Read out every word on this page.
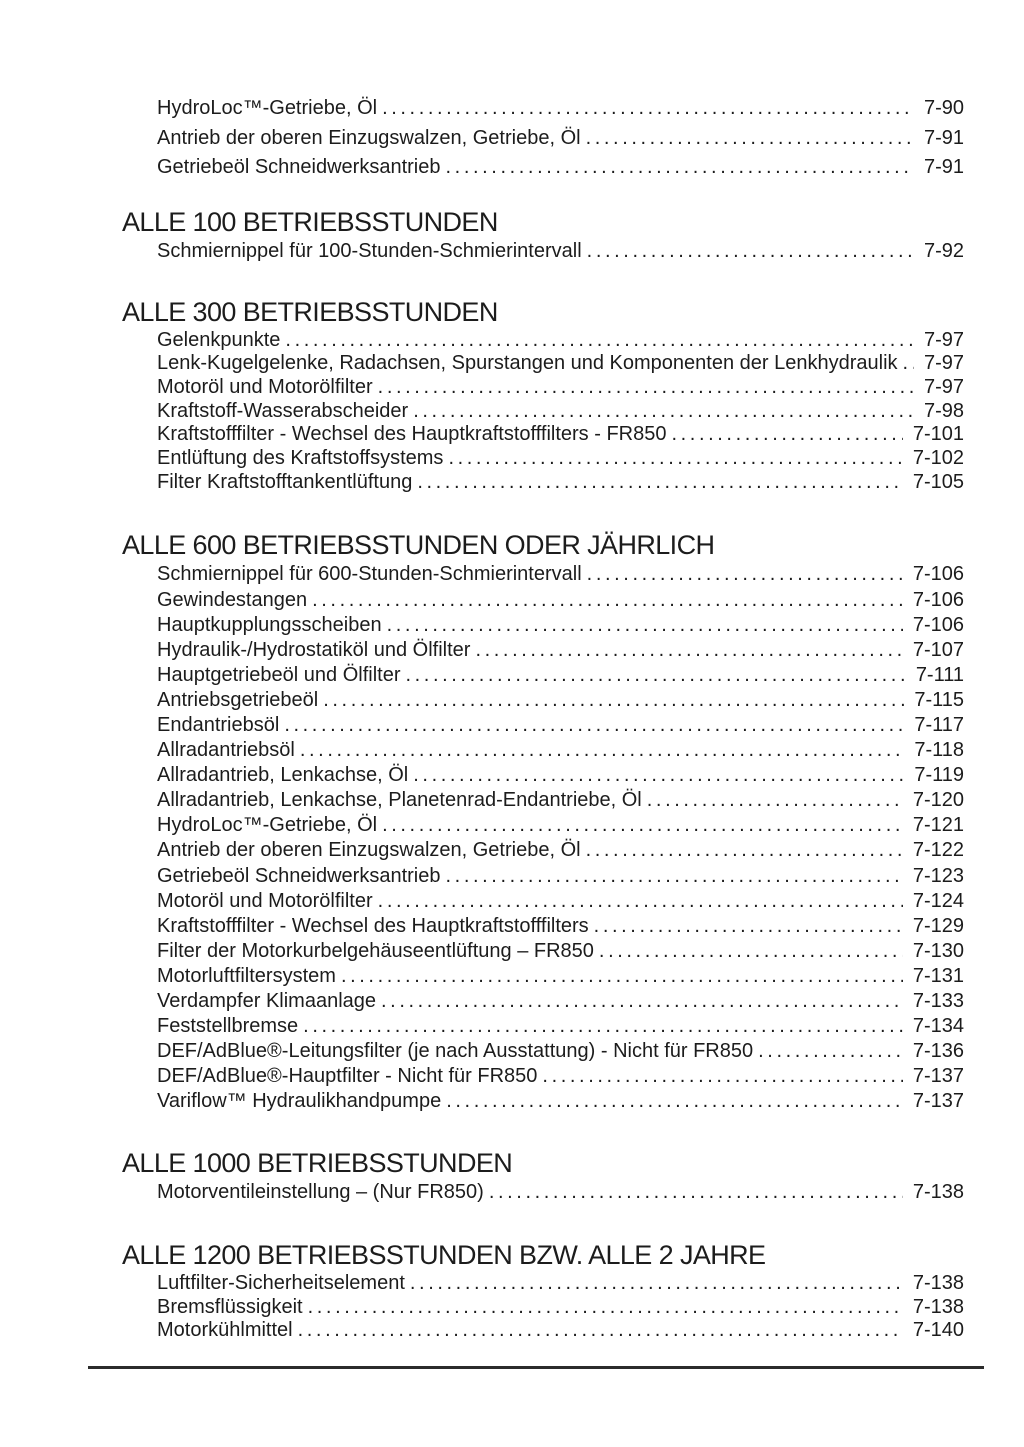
HydroLoc™-Getriebe, Öl .....	7-90
Antrieb der oberen Einzugswalzen, Getriebe, Öl .....	7-91
Getriebeöl Schneidwerksantrieb .....	7-91
ALLE 100 BETRIEBSSTUNDEN
Schmiernippel für 100-Stunden-Schmierintervall .....	7-92
ALLE 300 BETRIEBSSTUNDEN
Gelenkpunkte .....	7-97
Lenk-Kugelgelenke, Radachsen, Spurstangen und Komponenten der Lenkhydraulik ..... 7-97
Motoröl und Motorölfilter .....	7-97
Kraftstoff-Wasserabscheider .....	7-98
Kraftstofffilter - Wechsel des Hauptkraftstofffilters - FR850 .....	7-101
Entlüftung des Kraftstoffsystems .....	7-102
Filter Kraftstofftankentlüftung .....	7-105
ALLE 600 BETRIEBSSTUNDEN ODER JÄHRLICH
Schmiernippel für 600-Stunden-Schmierintervall .....	7-106
Gewindestangen .....	7-106
Hauptkupplungsscheiben .....	7-106
Hydraulik-/Hydrostatiköl und Ölfilter .....	7-107
Hauptgetriebeöl und Ölfilter .....	7-111
Antriebsgetriebeöl .....	7-115
Endantriebsöl .....	7-117
Allradantriebsöl .....	7-118
Allradantrieb, Lenkachse, Öl .....	7-119
Allradantrieb, Lenkachse, Planetenrad-Endantriebe, Öl .....	7-120
HydroLoc™-Getriebe, Öl .....	7-121
Antrieb der oberen Einzugswalzen, Getriebe, Öl .....	7-122
Getriebeöl Schneidwerksantrieb .....	7-123
Motoröl und Motorölfilter .....	7-124
Kraftstofffilter - Wechsel des Hauptkraftstofffilters .....	7-129
Filter der Motorkurbelgehäuseentlüftung – FR850 .....	7-130
Motorluftfiltersystem .....	7-131
Verdampfer Klimaanlage .....	7-133
Feststellbremse .....	7-134
DEF/AdBlue®-Leitungsfilter (je nach Ausstattung) - Nicht für FR850 .....	7-136
DEF/AdBlue®-Hauptfilter - Nicht für FR850 .....	7-137
Variflow™ Hydraulikhandpumpe .....	7-137
ALLE 1000 BETRIEBSSTUNDEN
Motorventileinstellung – (Nur FR850) .....	7-138
ALLE 1200 BETRIEBSSTUNDEN BZW. ALLE 2 JAHRE
Luftfilter-Sicherheitselement .....	7-138
Bremsflüssigkeit .....	7-138
Motorkühlmittel .....	7-140
